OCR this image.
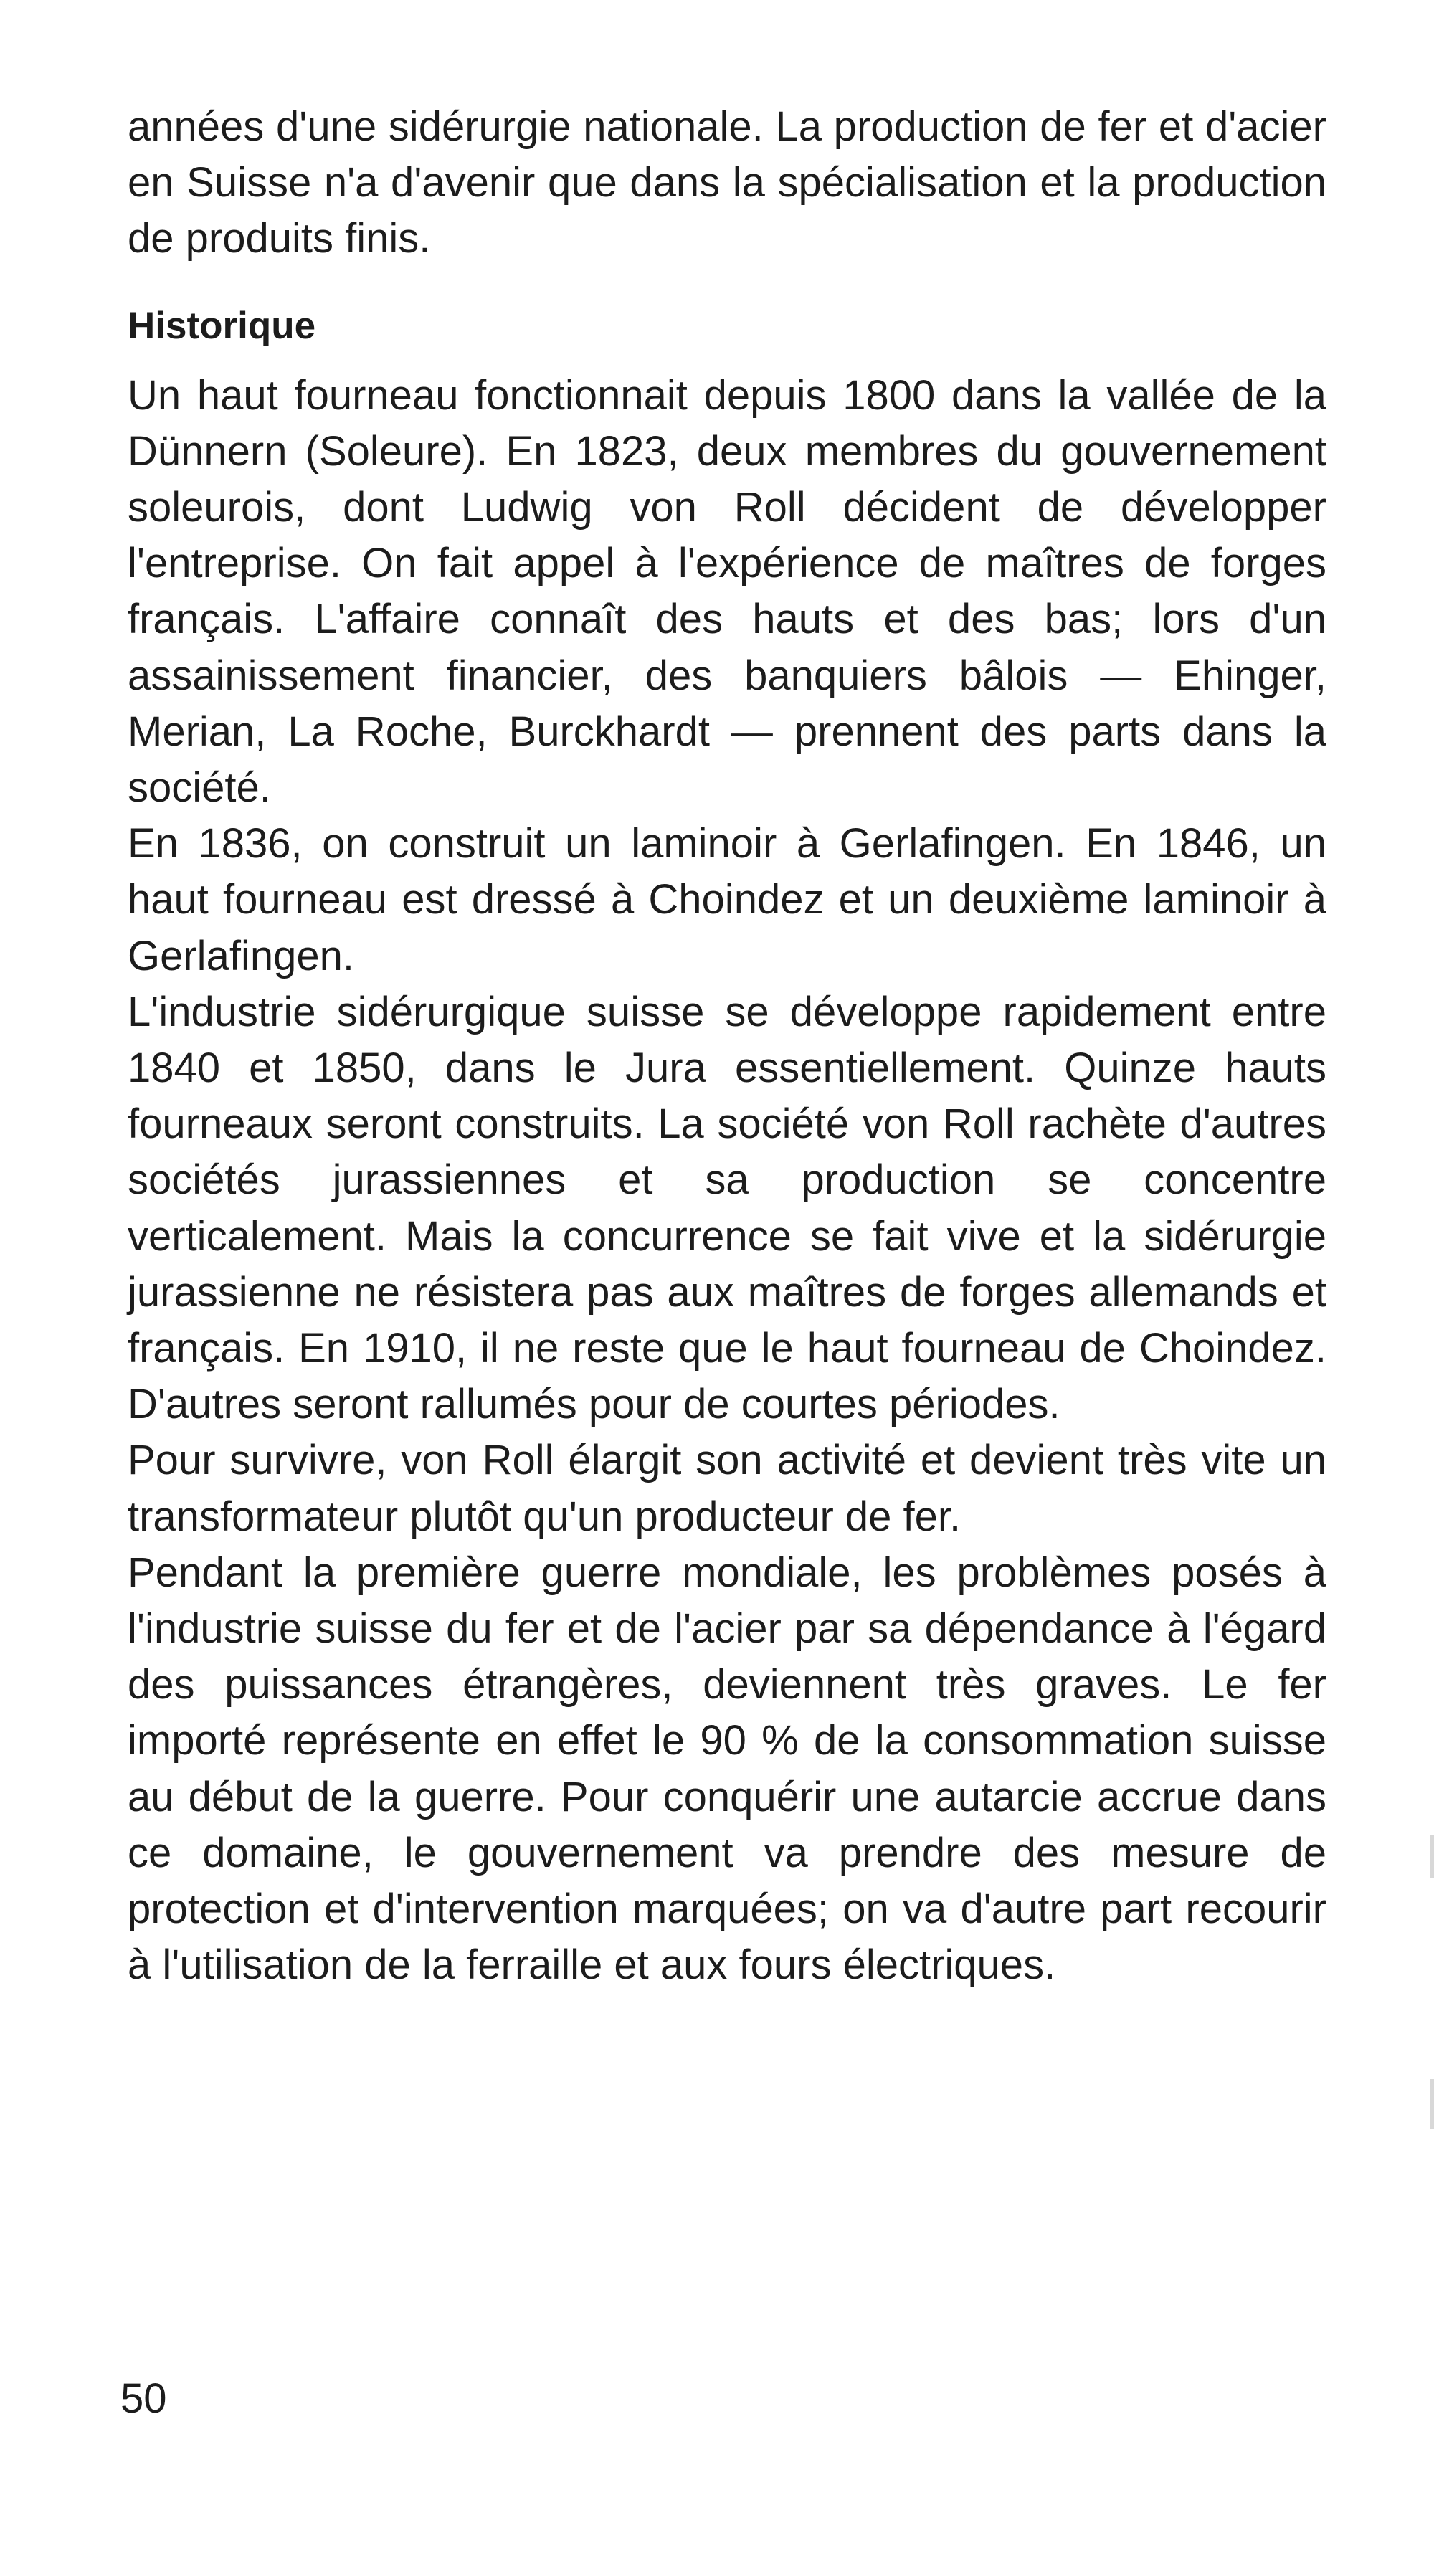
années d'une sidérurgie nationale. La production de fer et d'acier en Suisse n'a d'avenir que dans la spécialisation et la production de produits finis.

Historique

Un haut fourneau fonctionnait depuis 1800 dans la vallée de la Dünnern (Soleure). En 1823, deux membres du gouvernement soleurois, dont Ludwig von Roll décident de développer l'entreprise. On fait appel à l'expérience de maîtres de forges français. L'affaire connaît des hauts et des bas; lors d'un assainissement financier, des banquiers bâlois — Ehinger, Merian, La Roche, Burckhardt — prennent des parts dans la société.

En 1836, on construit un laminoir à Gerlafingen. En 1846, un haut fourneau est dressé à Choindez et un deuxième laminoir à Gerlafingen.

L'industrie sidérurgique suisse se développe rapidement entre 1840 et 1850, dans le Jura essentiellement. Quinze hauts fourneaux seront construits. La société von Roll rachète d'autres sociétés jurassiennes et sa production se concentre verticalement. Mais la concurrence se fait vive et la sidérurgie jurassienne ne résistera pas aux maîtres de forges allemands et français. En 1910, il ne reste que le haut fourneau de Choindez. D'autres seront rallumés pour de courtes périodes.

Pour survivre, von Roll élargit son activité et devient très vite un transformateur plutôt qu'un producteur de fer.

Pendant la première guerre mondiale, les problèmes posés à l'industrie suisse du fer et de l'acier par sa dépendance à l'égard des puissances étrangères, deviennent très graves. Le fer importé représente en effet le 90 % de la consommation suisse au début de la guerre. Pour conquérir une autarcie accrue dans ce domaine, le gouvernement va prendre des mesure de protection et d'intervention marquées; on va d'autre part recourir à l'utilisation de la ferraille et aux fours électriques.

50
